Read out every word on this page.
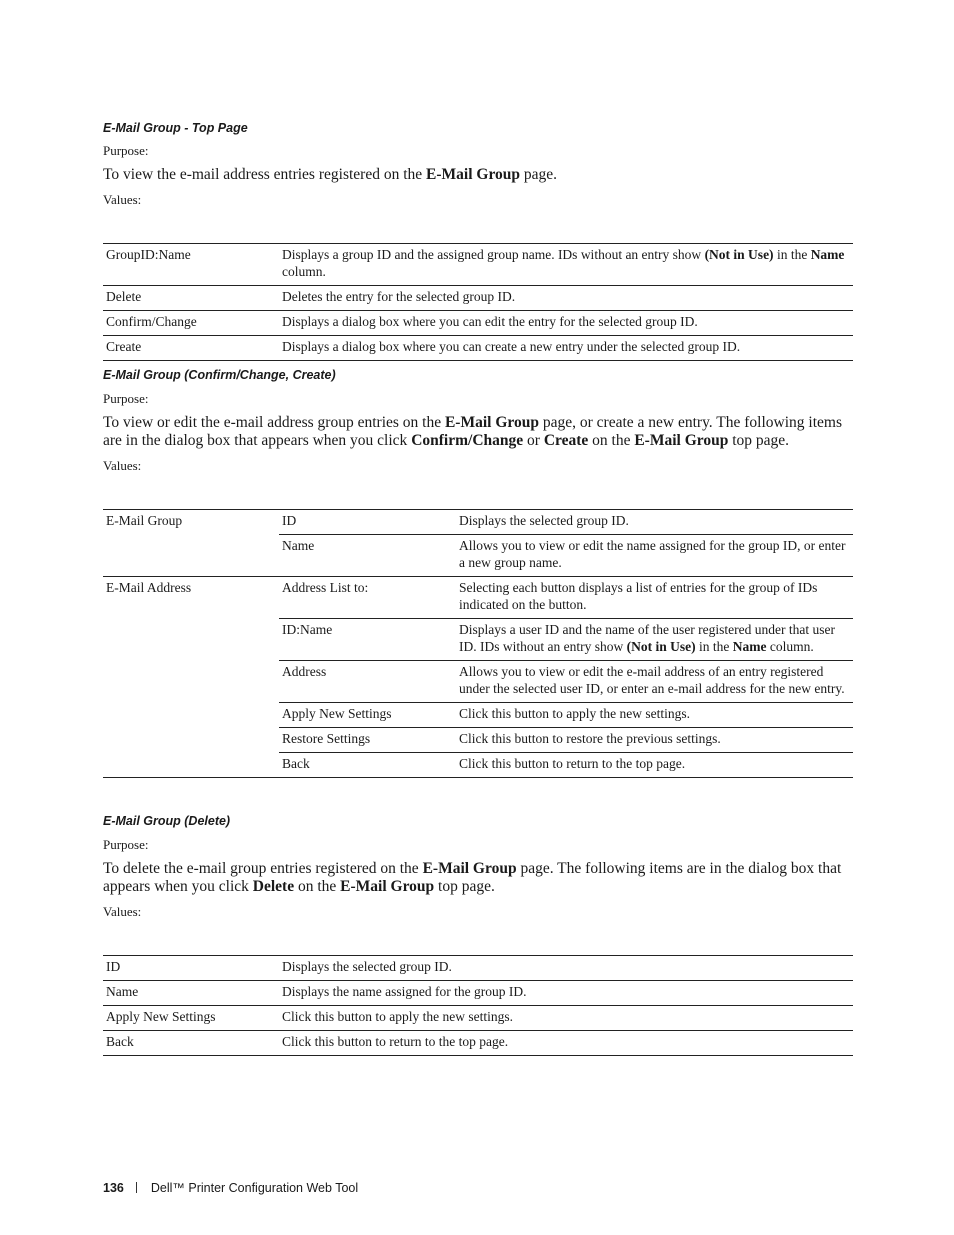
E-Mail Group - Top Page
Purpose:
To view the e-mail address entries registered on the E-Mail Group page.
Values:
GroupID:Name	Displays a group ID and the assigned group name. IDs without an entry show (Not in Use) in the Name column.
Delete	Deletes the entry for the selected group ID.
Confirm/Change	Displays a dialog box where you can edit the entry for the selected group ID.
Create	Displays a dialog box where you can create a new entry under the selected group ID.
E-Mail Group (Confirm/Change, Create)
Purpose:
To view or edit the e-mail address group entries on the E-Mail Group page, or create a new entry. The following items are in the dialog box that appears when you click Confirm/Change or Create on the E-Mail Group top page.
Values:
E-Mail Group	ID	Displays the selected group ID.
	Name	Allows you to view or edit the name assigned for the group ID, or enter a new group name.
E-Mail Address	Address List to:	Selecting each button displays a list of entries for the group of IDs indicated on the button.
	ID:Name	Displays a user ID and the name of the user registered under that user ID. IDs without an entry show (Not in Use) in the Name column.
	Address	Allows you to view or edit the e-mail address of an entry registered under the selected user ID, or enter an e-mail address for the new entry.
	Apply New Settings	Click this button to apply the new settings.
	Restore Settings	Click this button to restore the previous settings.
	Back	Click this button to return to the top page.
E-Mail Group (Delete)
Purpose:
To delete the e-mail group entries registered on the E-Mail Group page. The following items are in the dialog box that appears when you click Delete on the E-Mail Group top page.
Values:
ID	Displays the selected group ID.
Name	Displays the name assigned for the group ID.
Apply New Settings	Click this button to apply the new settings.
Back	Click this button to return to the top page.
136 Dell™ Printer Configuration Web Tool
